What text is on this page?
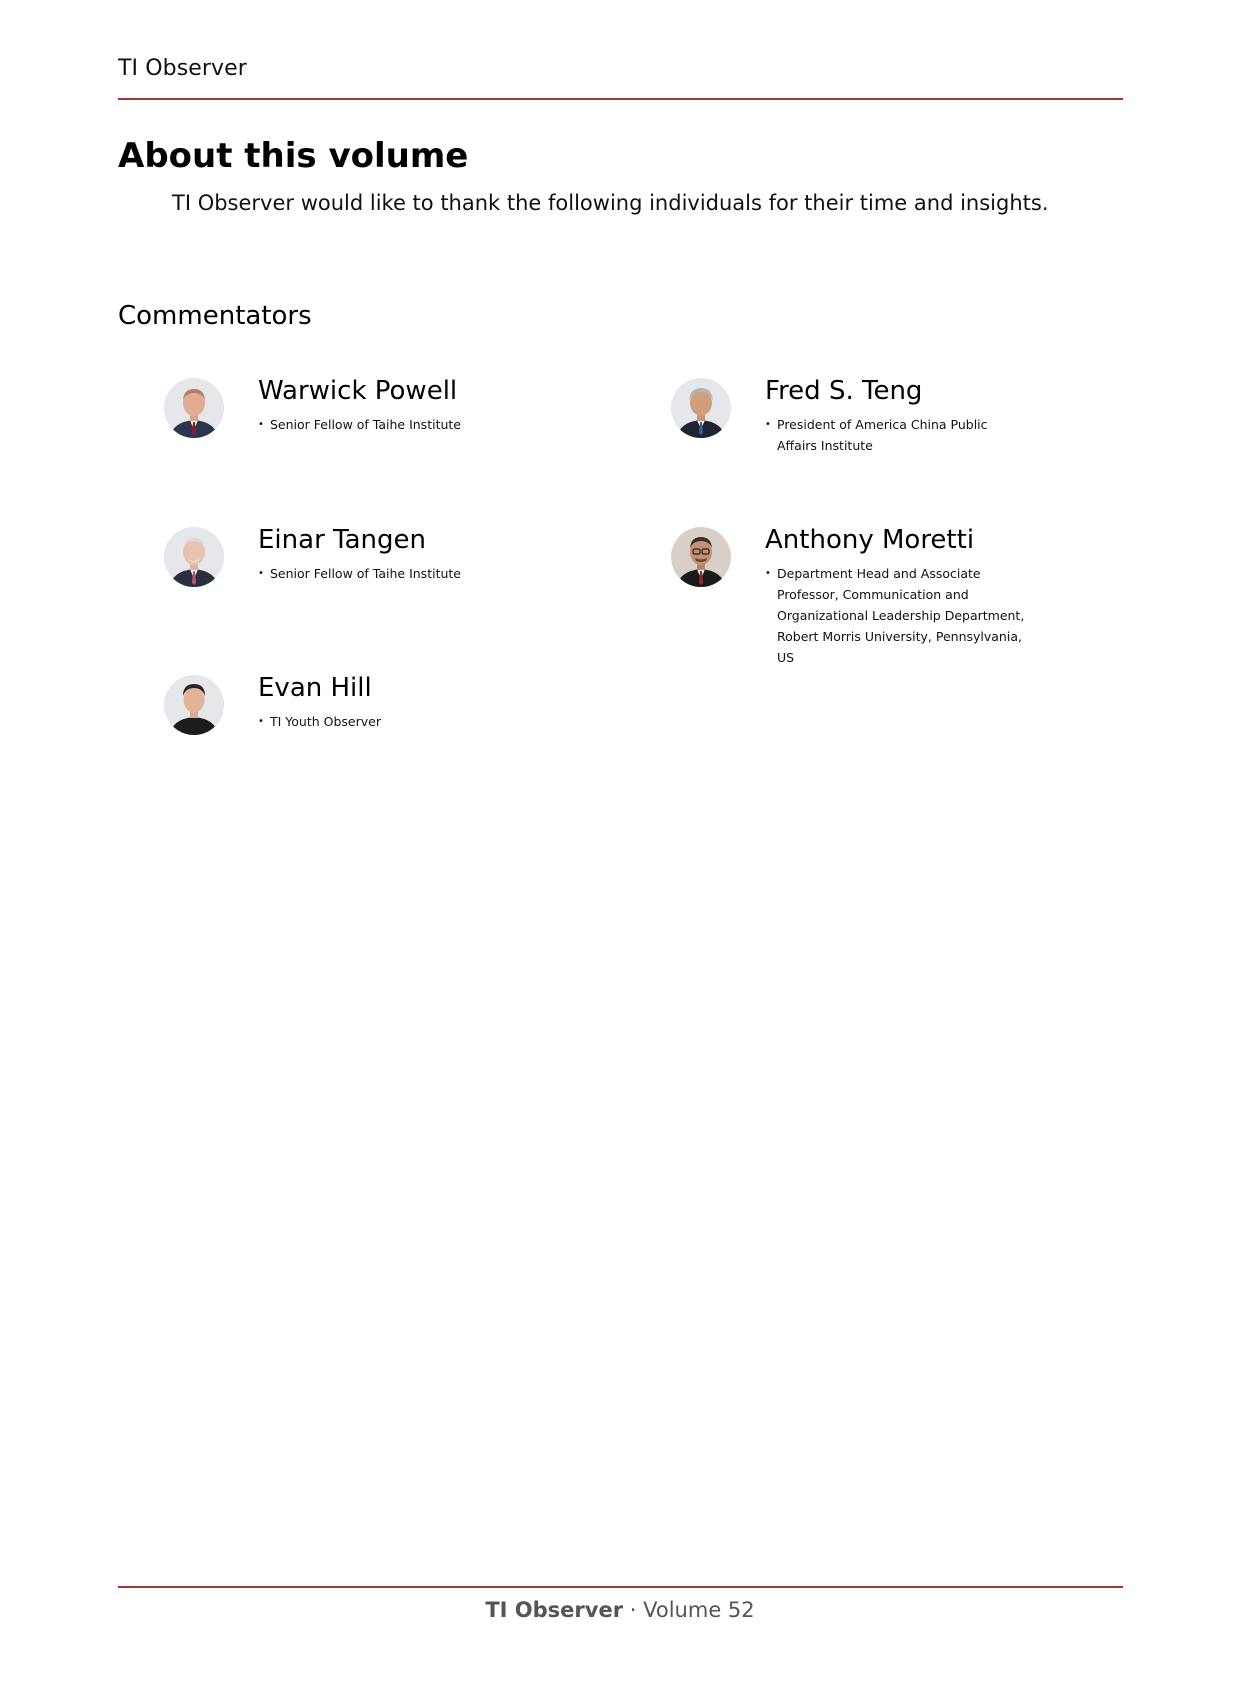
TI Observer
About this volume

TI Observer would like to thank the following individuals for their time and insights.

Commentators
Warwick Powell
• Senior Fellow of Taihe Institute
Fred S. Teng
• President of America China Public Affairs Institute
Einar Tangen
• Senior Fellow of Taihe Institute
Anthony Moretti
• Department Head and Associate Professor, Communication and Organizational Leadership Department, Robert Morris University, Pennsylvania, US
Evan Hill
• TI Youth Observer
TI Observer · Volume 52
